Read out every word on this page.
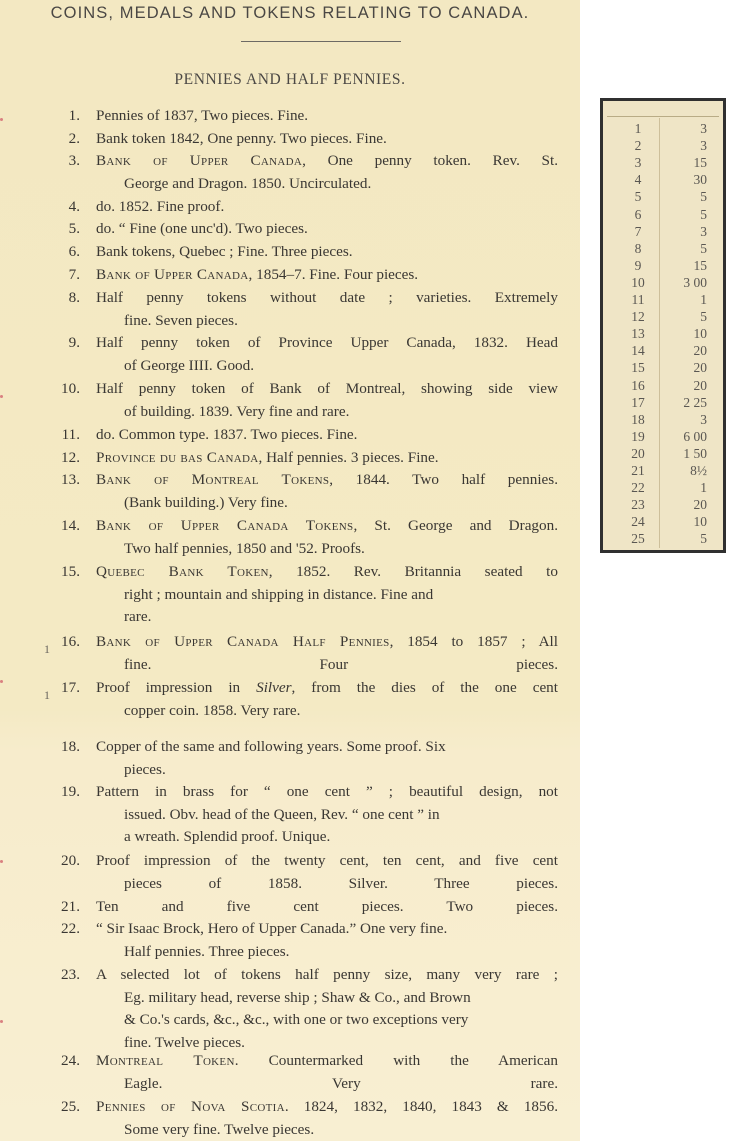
COINS, MEDALS AND TOKENS RELATING TO CANADA.
PENNIES AND HALF PENNIES.
1. Pennies of 1837, Two pieces. Fine.
2. Bank token 1842, One penny. Two pieces. Fine.
3. Bank of Upper Canada, One penny token. Rev. St.
George and Dragon. 1850. Uncirculated.
4. do. 1852. Fine proof.
5. do. “ Fine (one unc'd). Two pieces.
6. Bank tokens, Quebec ; Fine. Three pieces.
7. Bank of Upper Canada, 1854–7. Fine. Four pieces.
8. Half penny tokens without date ; varieties. Extremely
fine. Seven pieces.
9. Half penny token of Province Upper Canada, 1832. Head
of George IIII. Good.
10. Half penny token of Bank of Montreal, showing side view
of building. 1839. Very fine and rare.
11. do. Common type. 1837. Two pieces. Fine.
12. Province du bas Canada, Half pennies. 3 pieces. Fine.
13. Bank of Montreal Tokens, 1844. Two half pennies.
(Bank building.) Very fine.
14. Bank of Upper Canada Tokens, St. George and Dragon.
Two half pennies, 1850 and '52. Proofs.
15. Quebec Bank Token, 1852. Rev. Britannia seated to
right ; mountain and shipping in distance. Fine and
rare.
16.
1	Bank of Upper Canada Half Pennies, 1854 to 1857 ; All
fine. Four pieces.
17.
1	Proof impression in Silver, from the dies of the one cent
copper coin. 1858. Very rare.
18. Copper of the same and following years. Some proof. Six
pieces.
19. Pattern in brass for “ one cent ” ; beautiful design, not
issued. Obv. head of the Queen, Rev. “ one cent ” in
a wreath. Splendid proof. Unique.
20. Proof impression of the twenty cent, ten cent, and five cent
pieces of 1858. Silver. Three pieces.
21. Ten and five cent pieces. Two pieces.
22. “ Sir Isaac Brock, Hero of Upper Canada.” One very fine.
Half pennies. Three pieces.
23. A selected lot of tokens half penny size, many very rare ;
Eg. military head, reverse ship ; Shaw & Co., and Brown
& Co.'s cards, &c., &c., with one or two exceptions very
fine. Twelve pieces.
24. Montreal Token. Countermarked with the American
Eagle. Very rare.
25. Pennies of Nova Scotia. 1824, 1832, 1840, 1843 & 1856.
Some very fine. Twelve pieces.
1	3
2	3
3	15
4	30
5	5
6	5
7	3
8	5
9	15
10	3 00
11	1
12	5
13	10
14	20
15	20
16	20
17	2 25
18	3
19	6 00
20	1 50
21	8½
22	1
23	20
24	10
25	5
